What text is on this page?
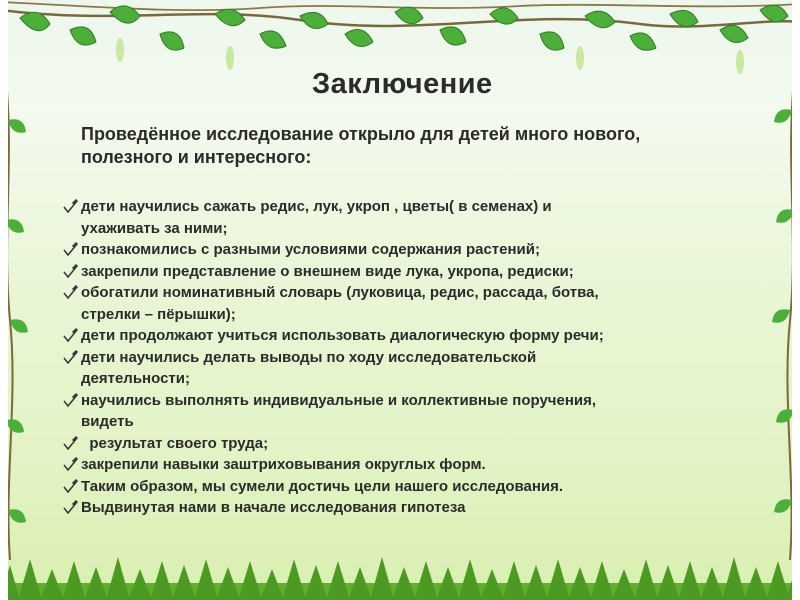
Заключение
Проведённое исследование открыло для детей много нового, полезного и интересного:
дети научились сажать редис, лук, укроп , цветы( в семенах) и ухаживать за ними;
познакомились с разными условиями содержания растений;
закрепили представление о внешнем виде лука, укропа, редиски;
обогатили номинативный словарь (луковица, редис, рассада, ботва, стрелки – пёрышки);
дети продолжают учиться использовать диалогическую форму речи;
дети научились делать выводы по ходу исследовательской деятельности;
научились выполнять индивидуальные и коллективные поручения, видеть
результат своего труда;
закрепили навыки заштриховывания округлых форм.
Таким образом, мы сумели достичь цели нашего исследования.
Выдвинутая нами в начале исследования гипотеза
